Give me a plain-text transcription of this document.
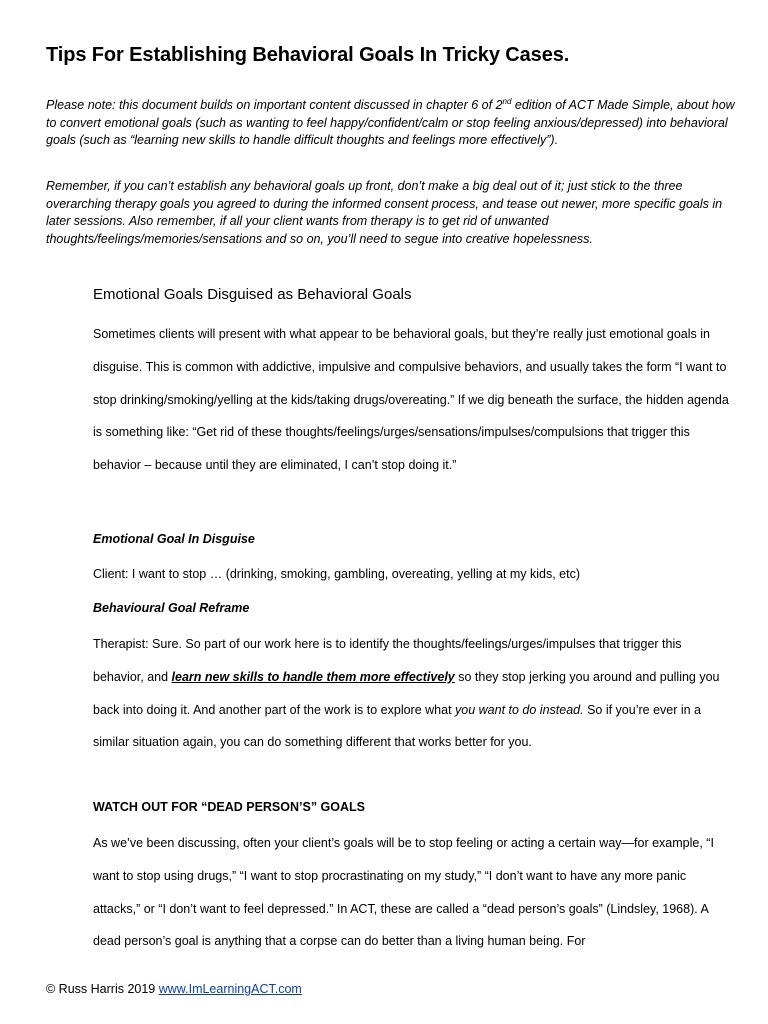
Tips For Establishing Behavioral Goals In Tricky Cases.
Please note: this document builds on important content discussed in chapter 6 of 2nd edition of ACT Made Simple, about how to convert emotional goals (such as wanting to feel happy/confident/calm or stop feeling anxious/depressed) into behavioral goals (such as “learning new skills to handle difficult thoughts and feelings more effectively”).
Remember, if you can’t establish any behavioral goals up front, don’t make a big deal out of it; just stick to the three overarching therapy goals you agreed to during the informed consent process, and tease out newer, more specific goals in later sessions. Also remember, if all your client wants from therapy is to get rid of unwanted thoughts/feelings/memories/sensations and so on, you’ll need to segue into creative hopelessness.
Emotional Goals Disguised as Behavioral Goals
Sometimes clients will present with what appear to be behavioral goals, but they’re really just emotional goals in disguise. This is common with addictive, impulsive and compulsive behaviors, and usually takes the form “I want to stop drinking/smoking/yelling at the kids/taking drugs/overeating.” If we dig beneath the surface, the hidden agenda is something like: “Get rid of these thoughts/feelings/urges/sensations/impulses/compulsions that trigger this behavior – because until they are eliminated, I can’t stop doing it.”
Emotional Goal In Disguise
Client: I want to stop … (drinking, smoking, gambling, overeating, yelling at my kids, etc)
Behavioural Goal Reframe
Therapist: Sure. So part of our work here is to identify the thoughts/feelings/urges/impulses that trigger this behavior, and learn new skills to handle them more effectively so they stop jerking you around and pulling you back into doing it. And another part of the work is to explore what you want to do instead. So if you’re ever in a similar situation again, you can do something different that works better for you.
WATCH OUT FOR “DEAD PERSON’S” GOALS
As we’ve been discussing, often your client’s goals will be to stop feeling or acting a certain way—for example, “I want to stop using drugs,” “I want to stop procrastinating on my study,” “I don’t want to have any more panic attacks,” or “I don’t want to feel depressed.” In ACT, these are called a “dead person’s goals” (Lindsley, 1968). A dead person’s goal is anything that a corpse can do better than a living human being. For
© Russ Harris 2019 www.ImLearningACT.com
